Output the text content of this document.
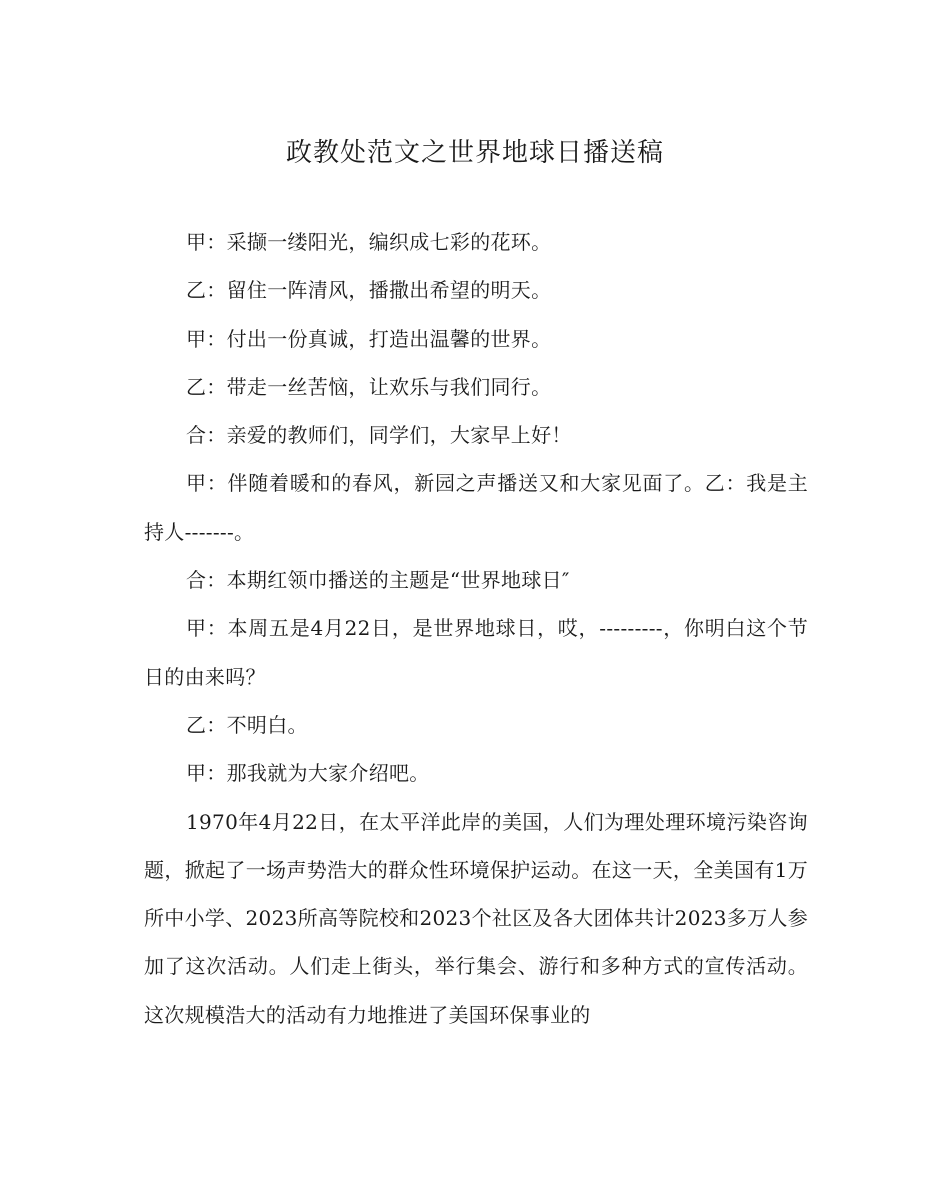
政教处范文之世界地球日播送稿

甲：采撷一缕阳光，编织成七彩的花环。

乙：留住一阵清风，播撒出希望的明天。

甲：付出一份真诚，打造出温馨的世界。

乙：带走一丝苦恼，让欢乐与我们同行。

合：亲爱的教师们，同学们，大家早上好！

甲：伴随着暖和的春风，新园之声播送又和大家见面了。乙：我是主持人-------。

合：本期红领巾播送的主题是“世界地球日″

甲：本周五是4月22日，是世界地球日，哎，---------，你明白这个节日的由来吗？

乙：不明白。

甲：那我就为大家介绍吧。

1970年4月22日，在太平洋此岸的美国，人们为理处理环境污染咨询题，掀起了一场声势浩大的群众性环境保护运动。在这一天，全美国有1万所中小学、2023所高等院校和2023个社区及各大团体共计2023多万人参加了这次活动。人们走上街头，举行集会、游行和多种方式的宣传活动。这次规模浩大的活动有力地推进了美国环保事业的
